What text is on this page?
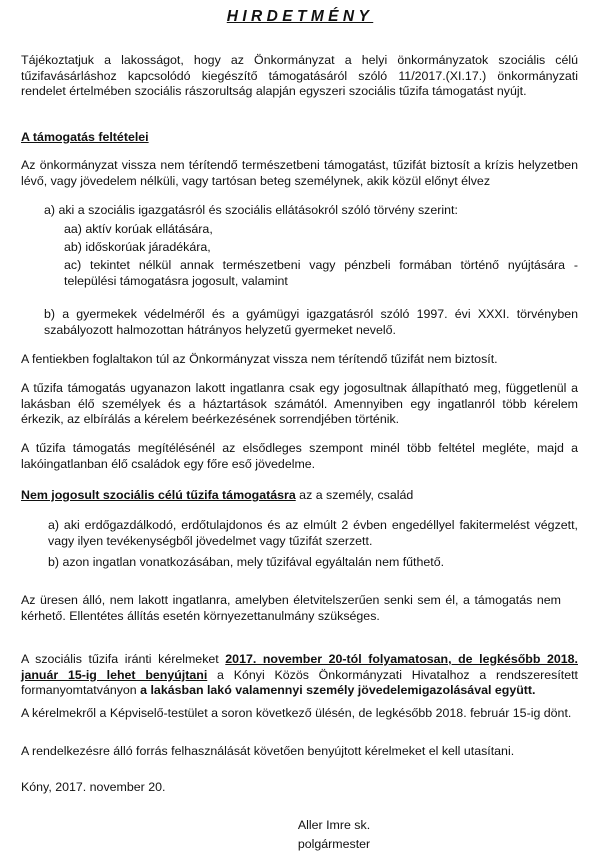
HIRDETMÉNY
Tájékoztatjuk a lakosságot, hogy az Önkormányzat a helyi önkormányzatok szociális célú tűzifavásárláshoz kapcsolódó kiegészítő támogatásáról szóló 11/2017.(XI.17.) önkormányzati rendelet értelmében szociális rászorultság alapján egyszeri szociális tűzifa támogatást nyújt.
A támogatás feltételei
Az önkormányzat vissza nem térítendő természetbeni támogatást, tűzifát biztosít a krízis helyzetben lévő, vagy jövedelem nélküli, vagy tartósan beteg személynek, akik közül előnyt élvez
a) aki a szociális igazgatásról és szociális ellátásokról szóló törvény szerint:
aa) aktív korúak ellátására,
ab) időskorúak járadékára,
ac) tekintet nélkül annak természetbeni vagy pénzbeli formában történő nyújtására - települési támogatásra jogosult, valamint
b) a gyermekek védelméről és a gyámügyi igazgatásról szóló 1997. évi XXXI. törvényben szabályozott halmozottan hátrányos helyzetű gyermeket nevelő.
A fentiekben foglaltakon túl az Önkormányzat vissza nem térítendő tűzifát nem biztosít.
A tűzifa támogatás ugyanazon lakott ingatlanra csak egy jogosultnak állapítható meg, függetlenül a lakásban élő személyek és a háztartások számától. Amennyiben egy ingatlanról több kérelem érkezik, az elbírálás a kérelem beérkezésének sorrendjében történik.
A tűzifa támogatás megítélésénél az elsődleges szempont minél több feltétel megléte, majd a lakóingatlanban élő családok egy főre eső jövedelme.
Nem jogosult szociális célú tűzifa támogatásra az a személy, család
a) aki erdőgazdálkodó, erdőtulajdonos és az elmúlt 2 évben engedéllyel fakitermelést végzett, vagy ilyen tevékenységből jövedelmet vagy tűzifát szerzett.
b) azon ingatlan vonatkozásában, mely tűzifával egyáltalán nem fűthető.
Az üresen álló, nem lakott ingatlanra, amelyben életvitelszerűen senki sem él, a támogatás nem kérhető. Ellentétes állítás esetén környezettanulmány szükséges.
A szociális tűzifa iránti kérelmeket 2017. november 20-tól folyamatosan, de legkésőbb 2018. január 15-ig lehet benyújtani a Kónyi Közös Önkormányzati Hivatalhoz a rendszeresített formanyomtatványon a lakásban lakó valamennyi személy jövedelemigazolásával együtt.
A kérelmekről a Képviselő-testület a soron következő ülésén, de legkésőbb 2018. február 15-ig dönt.
A rendelkezésre álló forrás felhasználását követően benyújtott kérelmeket el kell utasítani.
Kóny, 2017. november 20.
Aller Imre sk.
polgármester
